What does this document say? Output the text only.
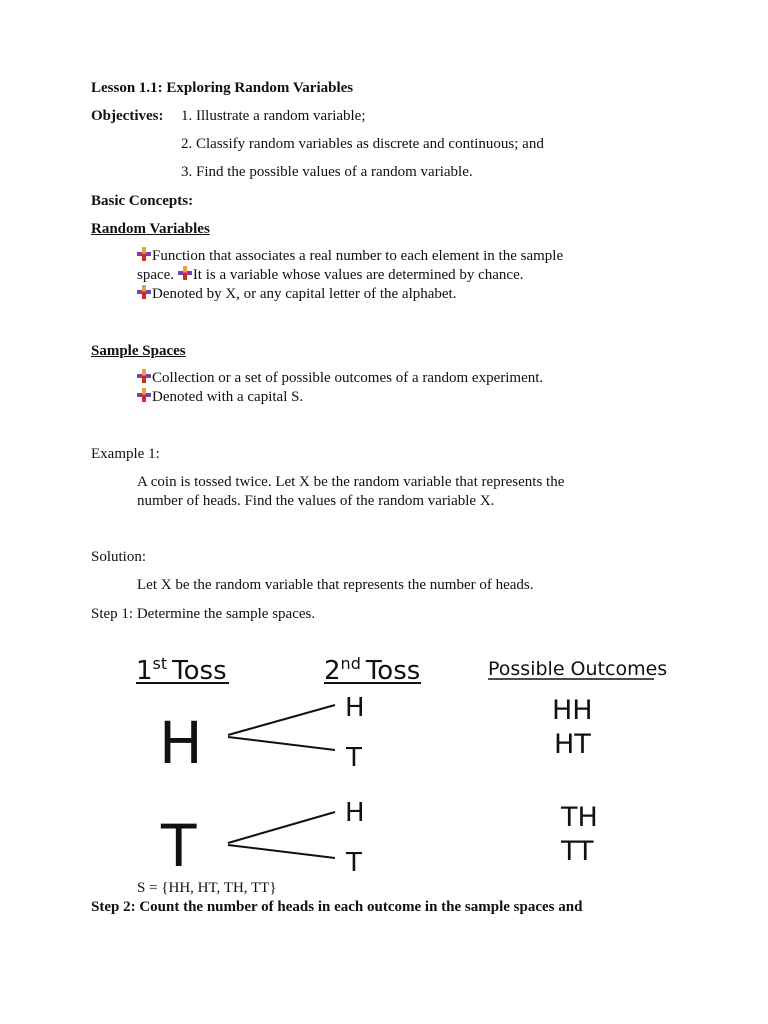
Lesson 1.1: Exploring Random Variables
Objectives: 1. Illustrate a random variable;
2. Classify random variables as discrete and continuous; and
3. Find the possible values of a random variable.
Basic Concepts:
Random Variables
Function that associates a real number to each element in the sample
space. It is a variable whose values are determined by chance.
Denoted by X, or any capital letter of the alphabet.
Sample Spaces
Collection or a set of possible outcomes of a random experiment.
Denoted with a capital S.
Example 1:
A coin is tossed twice. Let X be the random variable that represents the
number of heads. Find the values of the random variable X.
Solution:
Let X be the random variable that represents the number of heads.
Step 1: Determine the sample spaces.
1st Toss	2nd Toss	Possible Outcomes
H
T
H
T
H
T
HH
HT
TH
TT
S = {HH, HT, TH, TT}
Step 2: Count the number of heads in each outcome in the sample spaces and
